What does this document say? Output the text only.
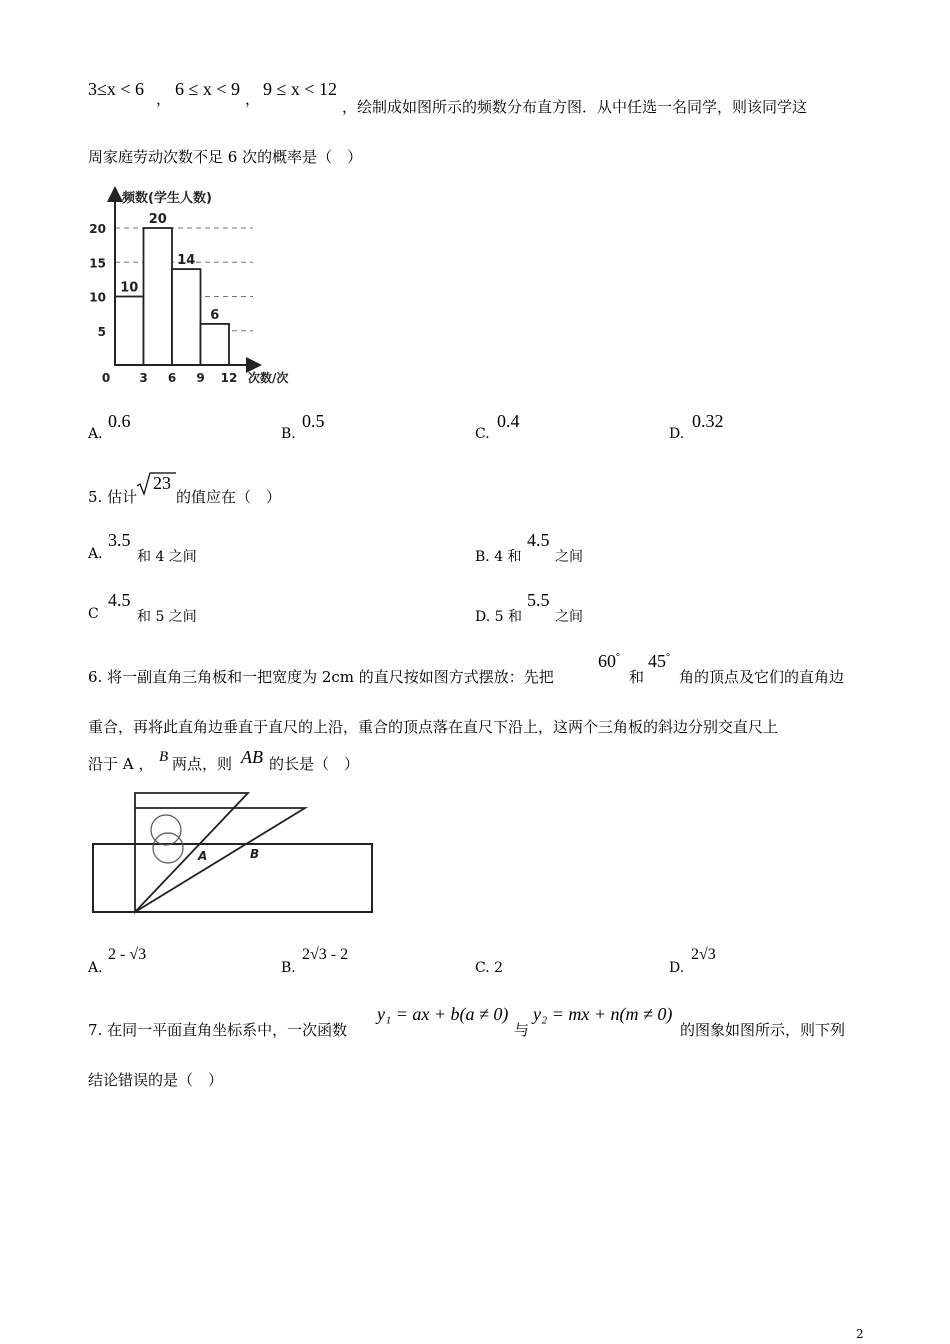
3≤x < 6 ， 6 ≤ x < 9 ， 9 ≤ x < 12
，绘制成如图所示的频数分布直方图．从中任选一名同学，则该同学这
周家庭劳动次数不足 6 次的概率是（　）
频数(学生人数)
次数/次
5
10
15
20
10
20
14
6
0 3 6 9 12
A.
0.6
B.
0.5
C.
0.4
D.
0.32
5. 估计
23
的值应在（　）
A.
3.5
和 4 之间	B. 4 和
4.5
之间
C
4.5
和 5 之间	D. 5 和
5.5
之间
6. 将一副直角三角板和一把宽度为 2cm 的直尺按如图方式摆放：先把
60°
和
45°
角的顶点及它们的直角边
重合，再将此直角边垂直于直尺的上沿，重合的顶点落在直尺下沿上，这两个三角板的斜边分别交直尺上
沿于 A ， B 两点，则 AB 的长是（　）
A	B
A.
2 - √3
B.
2√3 - 2
C. 2	D.
2√3
7. 在同一平面直角坐标系中，一次函数
y₁ = ax + b(a ≠ 0)
与
y₂ = mx + n(m ≠ 0)
的图象如图所示，则下列
结论错误的是（　）
2
